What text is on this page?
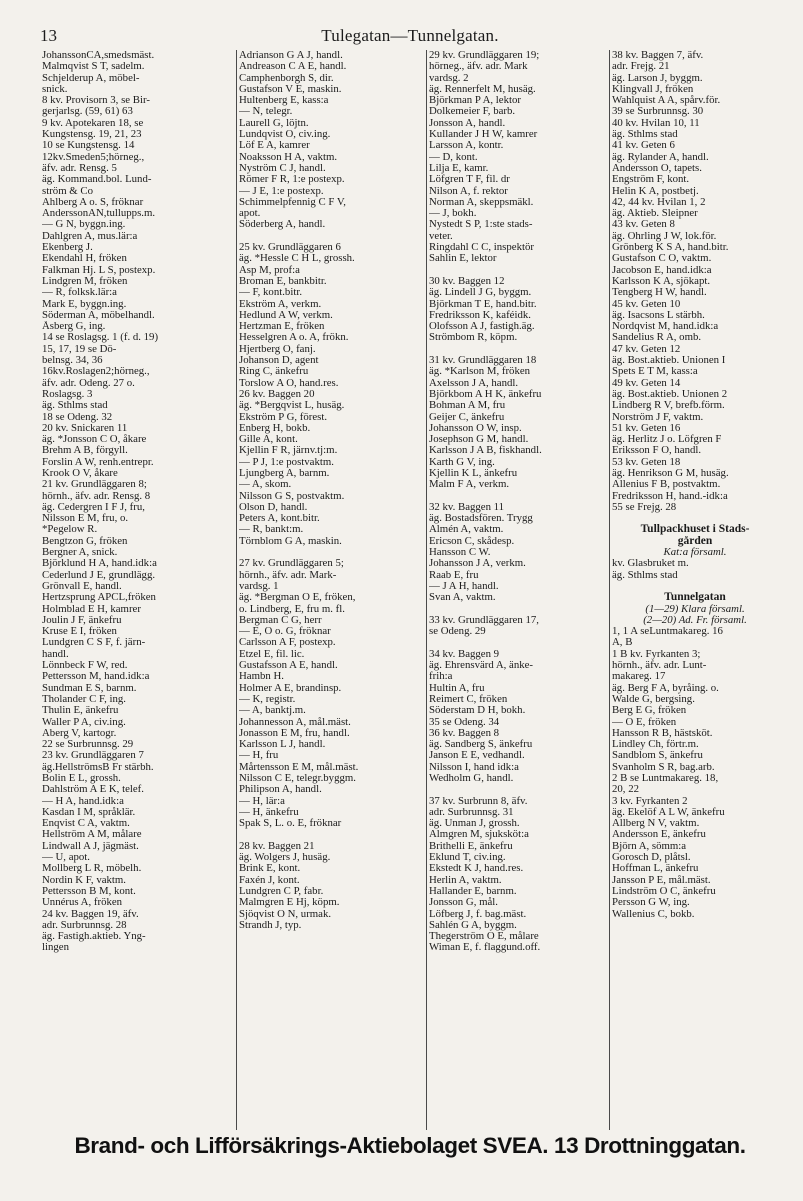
13	Tulegatan—Tunnelgatan.
JohanssonCA,smedsmäst.
Malmqvist S T, sadelm.
Schjelderup A, möbel-
snick.
8 kv. Provisorn 3, se Bir-
gerjarlsg. (59, 61) 63
9 kv. Apotekaren 18, se
Kungstensg. 19, 21, 23
10 se Kungstensg. 14
12kv.Smeden5;hörneg.,
äfv. adr. Rensg. 5
äg. Kommand.bol. Lund-
ström & Co
Ahlberg A o. S, fröknar
AnderssonAN,tullupps.m.
— G N, byggn.ing.
Dahlgren A, mus.lär:a
Ekenberg J.
Ekendahl H, fröken
Falkman Hj. L S, postexp.
Lindgren M, fröken
— R, folksk.lär:a
Mark E, byggn.ing.
Söderman A, möbelhandl.
Åsberg G, ing.
14 se Roslagsg. 1 (f. d. 19)
15, 17, 19 se Dö-
belnsg. 34, 36
16kv.Roslagen2;hörneg.,
äfv. adr. Odeng. 27 o.
Roslagsg. 3
äg. Sthlms stad
18 se Odeng. 32
20 kv. Snickaren 11
äg. *Jonsson C O, åkare
Brehm A B, förgyll.
Forslin A W, renh.entrepr.
Krook O V, åkare
21 kv. Grundläggaren 8;
hörnh., äfv. adr. Rensg. 8
äg. Cedergren I F J, fru,
Nilsson E M, fru, o.
*Pegelow R.
Bengtzon G, fröken
Bergner A, snick.
Björklund H A, hand.idk:a
Cederlund J E, grundlägg.
Grönvall E, handl.
Hertzsprung APCL,fröken
Holmblad E H, kamrer
Joulin J F, änkefru
Kruse E I, fröken
Lundgren C S F, f. järn-
handl.
Lönnbeck F W, red.
Pettersson M, hand.idk:a
Sundman E S, barnm.
Tholander C F, ing.
Thulin E, änkefru
Waller P A, civ.ing.
Aberg V, kartogr.
22 se Surbrunnsg. 29
23 kv. Grundläggaren 7
äg.HellströmsB Fr stärbh.
Bolin E L, grossh.
Dahlström A E K, telef.
— H A, hand.idk:a
Kasdan I M, språklär.
Enqvist C A, vaktm.
Hellström A M, målare
Lindwall A J, jägmäst.
— U, apot.
Mollberg L R, möbelh.
Nordin K F, vaktm.
Pettersson B M, kont.
Unnérus A, fröken
24 kv. Baggen 19, äfv.
adr. Surbrunnsg. 28
äg. Fastigh.aktieb. Yng-
lingen
Adrianson G A J, handl.
Andreason C A E, handl.
Camphenborgh S, dir.
Gustafson V E, maskin.
Hultenberg E, kass:a
— N, telegr.
Laurell G, löjtn.
Lundqvist O, civ.ing.
Löf E A, kamrer
Noaksson H A, vaktm.
Nyström C J, handl.
Römer F R, 1:e postexp.
— J E, 1:e postexp.
Schimmelpfennig C F V,
apot.
Söderberg A, handl.

25 kv. Grundläggaren 6
äg. *Hessle C H L, grossh.
Asp M, prof:a
Broman E, bankbitr.
— F, kont.bitr.
Ekström A, verkm.
Hedlund A W, verkm.
Hertzman E, fröken
Hesselgren A o. A, frökn.
Hjertberg O, fanj.
Johanson D, agent
Ring C, änkefru
Torslow A O, hand.res.
26 kv. Baggen 20
äg. *Bergqvist L, husäg.
Ekström P G, förest.
Enberg H, bokb.
Gille A, kont.
Kjellin F R, järnv.tj:m.
— P J, 1:e postvaktm.
Ljungberg A, barnm.
— A, skom.
Nilsson G S, postvaktm.
Olson D, handl.
Peters A, kont.bitr.
— R, bankt:m.
Törnblom G A, maskin.

27 kv. Grundläggaren 5;
hörnh., äfv. adr. Mark-
vardsg. 1
äg. *Bergman O E, fröken,
o. Lindberg, E, fru m. fl.
Bergman C G, herr
— E, O o. G, fröknar
Carlsson A F, postexp.
Etzel E, fil. lic.
Gustafsson A E, handl.
Hambn H.
Holmer A E, brandinsp.
— K, registr.
— A, banktj.m.
Johannesson A, mål.mäst.
Jonasson E M, fru, handl.
Karlsson L J, handl.
— H, fru
Mårtensson E M, mål.mäst.
Nilsson C E, telegr.byggm.
Philipson A, handl.
— H, lär:a
— H, änkefru
Spak S, L. o. E, fröknar

28 kv. Baggen 21
äg. Wolgers J, husäg.
Brink E, kont.
Faxén J, kont.
Lundgren C P, fabr.
Malmgren E Hj, köpm.
Sjöqvist O N, urmak.
Strandh J, typ.
29 kv. Grundläggaren 19;
hörneg., äfv. adr. Mark
vardsg. 2
äg. Rennerfelt M, husäg.
Björkman P A, lektor
Dolkemeier F, barb.
Jonsson A, handl.
Kullander J H W, kamrer
Larsson A, kontr.
— D, kont.
Lilja E, kamr.
Löfgren T F, fil. dr
Nilson A, f. rektor
Norman A, skeppsmäkl.
— J, bokh.
Nystedt S P, 1:ste stads-
veter.
Ringdahl C C, inspektör
Sahlin E, lektor

30 kv. Baggen 12
äg. Lindell J G, byggm.
Björkman T E, hand.bitr.
Fredriksson K, kaféidk.
Olofsson A J, fastigh.äg.
Strömbom R, köpm.

31 kv. Grundläggaren 18
äg. *Karlson M, fröken
Axelsson J A, handl.
Björkbom A H K, änkefru
Bohman A M, fru
Geijer C, änkefru
Johansson O W, insp.
Josephson G M, handl.
Karlsson J A B, fiskhandl.
Karth G V, ing.
Kjellin K L, änkefru
Malm F A, verkm.

32 kv. Baggen 11
äg. Bostadsfören. Trygg
Almén A, vaktm.
Ericson C, skådesp.
Hansson C W.
Johansson J A, verkm.
Raab E, fru
— J A H, handl.
Svan A, vaktm.

33 kv. Grundläggaren 17,
se Odeng. 29

34 kv. Baggen 9
äg. Ehrensvärd A, änke-
frih:a
Hultin A, fru
Reimert C, fröken
Söderstam D H, bokh.
35 se Odeng. 34
36 kv. Baggen 8
äg. Sandberg S, änkefru
Janson E E, vedhandl.
Nilsson I, hand idk:a
Wedholm G, handl.

37 kv. Surbrunn 8, äfv.
adr. Surbrunnsg. 31
äg. Unman J, grossh.
Almgren M, sjuksköt:a
Brithelli E, änkefru
Eklund T, civ.ing.
Ekstedt K J, hand.res.
Herlin A, vaktm.
Hallander E, barnm.
Jonsson G, mål.
Löfberg J, f. bag.mäst.
Sahlén G A, byggm.
Thegerström O E, målare
Wiman E, f. flaggund.off.
38 kv. Baggen 7, äfv.
adr. Frejg. 21
äg. Larson J, byggm.
Klingvall J, fröken
Wahlquist A A, spårv.för.
39 se Surbrunnsg. 30
40 kv. Hvilan 10, 11
äg. Sthlms stad
41 kv. Geten 6
äg. Rylander A, handl.
Andersson O, tapets.
Engström F, kont.
Helin K A, postbetj.
42, 44 kv. Hvilan 1, 2
äg. Aktieb. Sleipner
43 kv. Geten 8
äg. Ohrling J W, lok.för.
Grönberg K S A, hand.bitr.
Gustafson C O, vaktm.
Jacobson E, hand.idk:a
Karlsson K A, sjökapt.
Tengberg H W, handl.
45 kv. Geten 10
äg. Isacsons L stärbh.
Nordqvist M, hand.idk:a
Sandelius R A, omb.
47 kv. Geten 12
äg. Bost.aktieb. Unionen I
Spets E T M, kass:a
49 kv. Geten 14
äg. Bost.aktieb. Unionen 2
Lindberg R V, brefb.förm.
Norström J F, vaktm.
51 kv. Geten 16
äg. Herlitz J o. Löfgren F
Eriksson F O, handl.
53 kv. Geten 18
äg. Henrikson G M, husäg.
Allenius F B, postvaktm.
Fredriksson H, hand.-idk:a
55 se Frejg. 28

Tullpackhuset i Stads-
gården
Kat:a församl.
kv. Glasbruket m.
äg. Sthlms stad

Tunnelgatan
(1—29) Klara församl.
(2—20) Ad. Fr. församl.
1, 1 A seLuntmakareg. 16
A, B
1 B kv. Fyrkanten 3;
hörnh., äfv. adr. Lunt-
makareg. 17
äg. Berg F A, byråing. o.
Walde G, bergsing.
Berg E G, fröken
— O E, fröken
Hansson R B, hästsköt.
Lindley Ch, förtr.m.
Sandblom S, änkefru
Svanholm S R, bag.arb.
2 B se Luntmakareg. 18,
20, 22
3 kv. Fyrkanten 2
äg. Ekelöf A L W, änkefru
Allberg N V, vaktm.
Andersson E, änkefru
Björn A, sömm:a
Gorosch D, plåtsl.
Hoffman L, änkefru
Jansson P E, mål.mäst.
Lindström O C, änkefru
Persson G W, ing.
Wallenius C, bokb.
Brand- och Lifförsäkrings-Aktiebolaget SVEA. 13 Drottninggatan.
